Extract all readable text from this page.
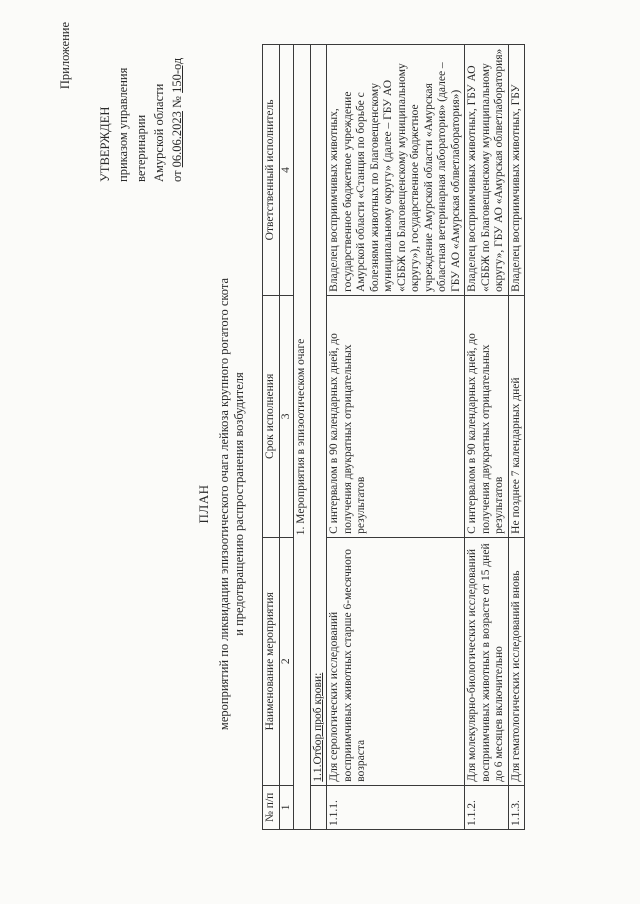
Приложение
УТВЕРЖДЕН приказом управления ветеринарии Амурской области от 06.06.2023 № 150-од
ПЛАН мероприятий по ликвидации эпизоотического очага лейкоза крупного рогатого скота и предотвращению распространения возбудителя
№ п/п	Наименование мероприятия	Срок исполнения	Ответственный исполнитель
1	2	3	4
1. Мероприятия в эпизоотическом очаге			
	1.1.Отбор проб крови:		
1.1.1.	Для серологических исследований восприимчивых животных старше 6-месячного возраста	С интервалом в 90 календарных дней, до получения двукратных отрицательных результатов	Владелец восприимчивых животных, государственное бюджетное учреждение Амурской области «Станция по борьбе с болезнями животных по Благовещенскому муниципальному округу» (далее – ГБУ АО «СББЖ по Благовещенскому муниципальному округу»), государственное бюджетное учреждение Амурской области «Амурская областная ветеринарная лаборатория» (далее – ГБУ АО «Амурская облветлаборатория»)
1.1.2.	Для молекулярно-биологических исследований восприимчивых животных в возрасте от 15 дней до 6 месяцев включительно	С интервалом в 90 календарных дней, до получения двукратных отрицательных результатов	Владелец восприимчивых животных, ГБУ АО «СББЖ по Благовещенскому муниципальному округу», ГБУ АО «Амурская облветлаборатория»
1.1.3.	Для гематологических исследований вновь	Не позднее 7 календарных дней	Владелец восприимчивых животных, ГБУ
